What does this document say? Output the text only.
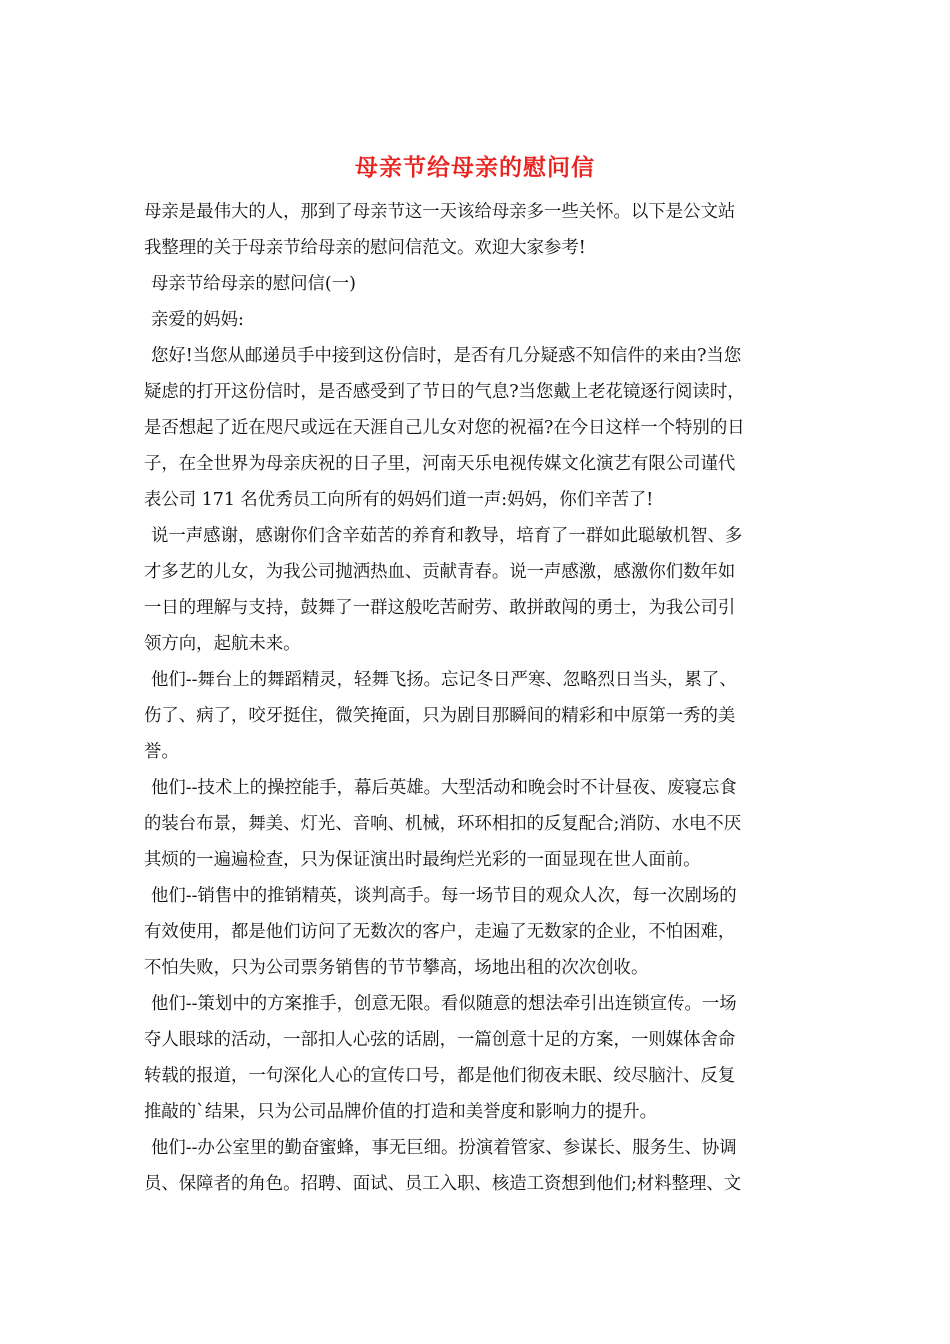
母亲节给母亲的慰问信
母亲是最伟大的人，那到了母亲节这一天该给母亲多一些关怀。以下是公文站
我整理的关于母亲节给母亲的慰问信范文。欢迎大家参考!
母亲节给母亲的慰问信(一)
亲爱的妈妈:
您好!当您从邮递员手中接到这份信时，是否有几分疑惑不知信件的来由?当您
疑虑的打开这份信时，是否感受到了节日的气息?当您戴上老花镜逐行阅读时，
是否想起了近在咫尺或远在天涯自己儿女对您的祝福?在今日这样一个特别的日
子，在全世界为母亲庆祝的日子里，河南天乐电视传媒文化演艺有限公司谨代
表公司 171 名优秀员工向所有的妈妈们道一声:妈妈，你们辛苦了!
说一声感谢，感谢你们含辛茹苦的养育和教导，培育了一群如此聪敏机智、多
才多艺的儿女，为我公司抛洒热血、贡献青春。说一声感激，感激你们数年如
一日的理解与支持，鼓舞了一群这般吃苦耐劳、敢拼敢闯的勇士，为我公司引
领方向，起航未来。
他们--舞台上的舞蹈精灵，轻舞飞扬。忘记冬日严寒、忽略烈日当头，累了、
伤了、病了，咬牙挺住，微笑掩面，只为剧目那瞬间的精彩和中原第一秀的美
誉。
他们--技术上的操控能手，幕后英雄。大型活动和晚会时不计昼夜、废寝忘食
的装台布景，舞美、灯光、音响、机械，环环相扣的反复配合;消防、水电不厌
其烦的一遍遍检查，只为保证演出时最绚烂光彩的一面显现在世人面前。
他们--销售中的推销精英，谈判高手。每一场节目的观众人次，每一次剧场的
有效使用，都是他们访问了无数次的客户，走遍了无数家的企业，不怕困难，
不怕失败，只为公司票务销售的节节攀高，场地出租的次次创收。
他们--策划中的方案推手，创意无限。看似随意的想法牵引出连锁宣传。一场
夺人眼球的活动，一部扣人心弦的话剧，一篇创意十足的方案，一则媒体舍命
转载的报道，一句深化人心的宣传口号，都是他们彻夜未眠、绞尽脑汁、反复
推敲的`结果，只为公司品牌价值的打造和美誉度和影响力的提升。
他们--办公室里的勤奋蜜蜂，事无巨细。扮演着管家、参谋长、服务生、协调
员、保障者的角色。招聘、面试、员工入职、核造工资想到他们;材料整理、文
